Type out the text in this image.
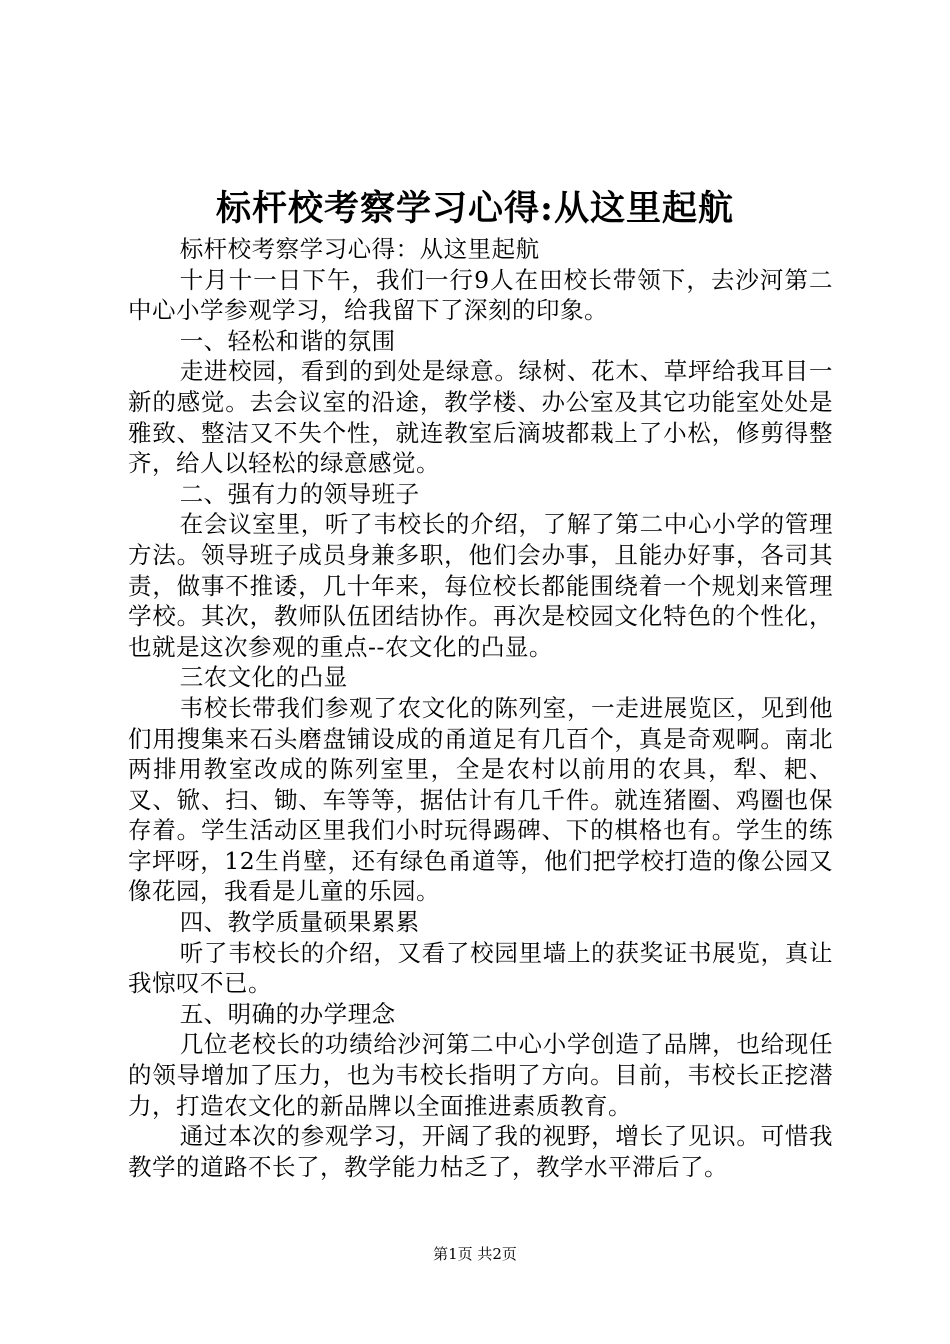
标杆校考察学习心得:从这里起航

标杆校考察学习心得：从这里起航

十月十一日下午，我们一行9人在田校长带领下，去沙河第二中心小学参观学习，给我留下了深刻的印象。

一、轻松和谐的氛围

走进校园，看到的到处是绿意。绿树、花木、草坪给我耳目一新的感觉。去会议室的沿途，教学楼、办公室及其它功能室处处是雅致、整洁又不失个性，就连教室后滴坡都栽上了小松，修剪得整齐，给人以轻松的绿意感觉。

二、强有力的领导班子

在会议室里，听了韦校长的介绍，了解了第二中心小学的管理方法。领导班子成员身兼多职，他们会办事，且能办好事，各司其责，做事不推诿，几十年来，每位校长都能围绕着一个规划来管理学校。其次，教师队伍团结协作。再次是校园文化特色的个性化，也就是这次参观的重点--农文化的凸显。

三农文化的凸显

韦校长带我们参观了农文化的陈列室，一走进展览区，见到他们用搜集来石头磨盘铺设成的甬道足有几百个，真是奇观啊。南北两排用教室改成的陈列室里，全是农村以前用的农具，犁、耙、叉、锨、扫、锄、车等等，据估计有几千件。就连猪圈、鸡圈也保存着。学生活动区里我们小时玩得踢碑、下的棋格也有。学生的练字坪呀，12生肖壁，还有绿色甬道等，他们把学校打造的像公园又像花园，我看是儿童的乐园。

四、教学质量硕果累累

听了韦校长的介绍，又看了校园里墙上的获奖证书展览，真让我惊叹不已。

五、明确的办学理念

几位老校长的功绩给沙河第二中心小学创造了品牌，也给现任的领导增加了压力，也为韦校长指明了方向。目前，韦校长正挖潜力，打造农文化的新品牌以全面推进素质教育。

通过本次的参观学习，开阔了我的视野，增长了见识。可惜我教学的道路不长了，教学能力枯乏了，教学水平滞后了。

第1页 共2页
